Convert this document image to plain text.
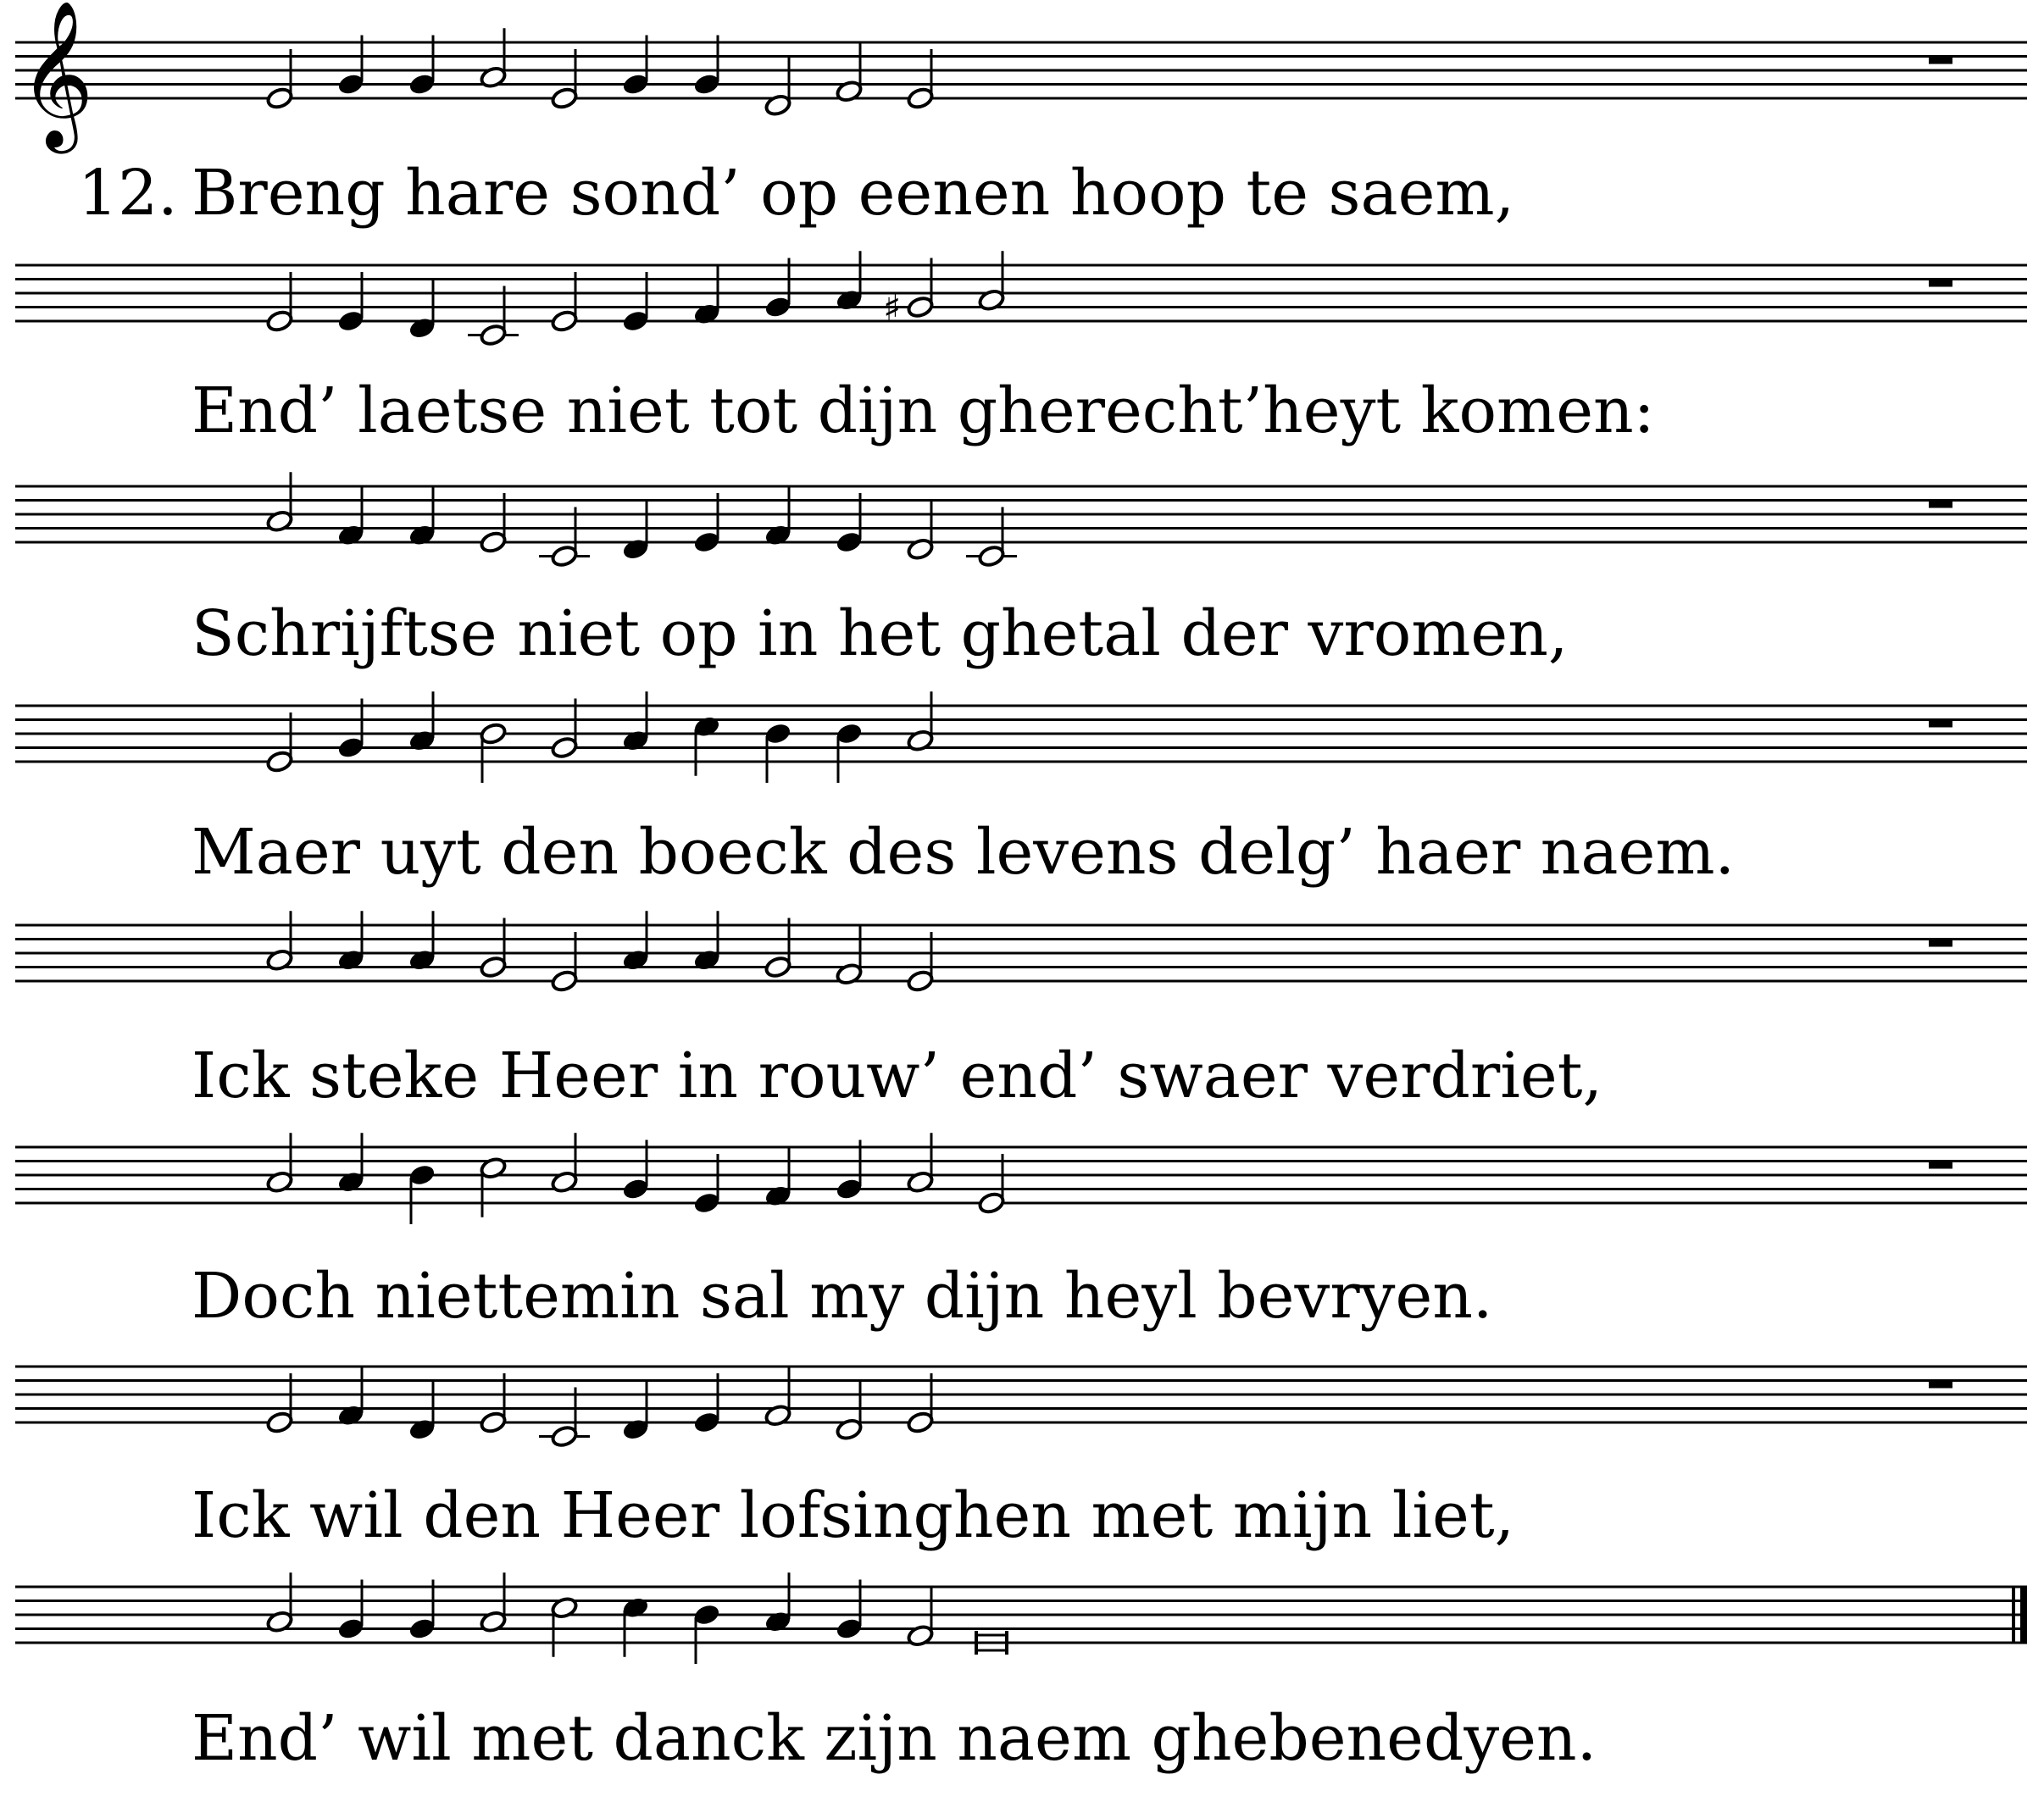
𝄞
12. Breng hare sond’ op eenen hoop te saem,
♯
End’ laetse niet tot dijn gherecht’heyt komen:
Schrijftse niet op in het ghetal der vromen,
Maer uyt den boeck des levens delg’ haer naem.
Ick steke Heer in rouw’ end’ swaer verdriet,
Doch niettemin sal my dijn heyl bevryen.
Ick wil den Heer lofsinghen met mijn liet,
End’ wil met danck zijn naem ghebenedyen.
